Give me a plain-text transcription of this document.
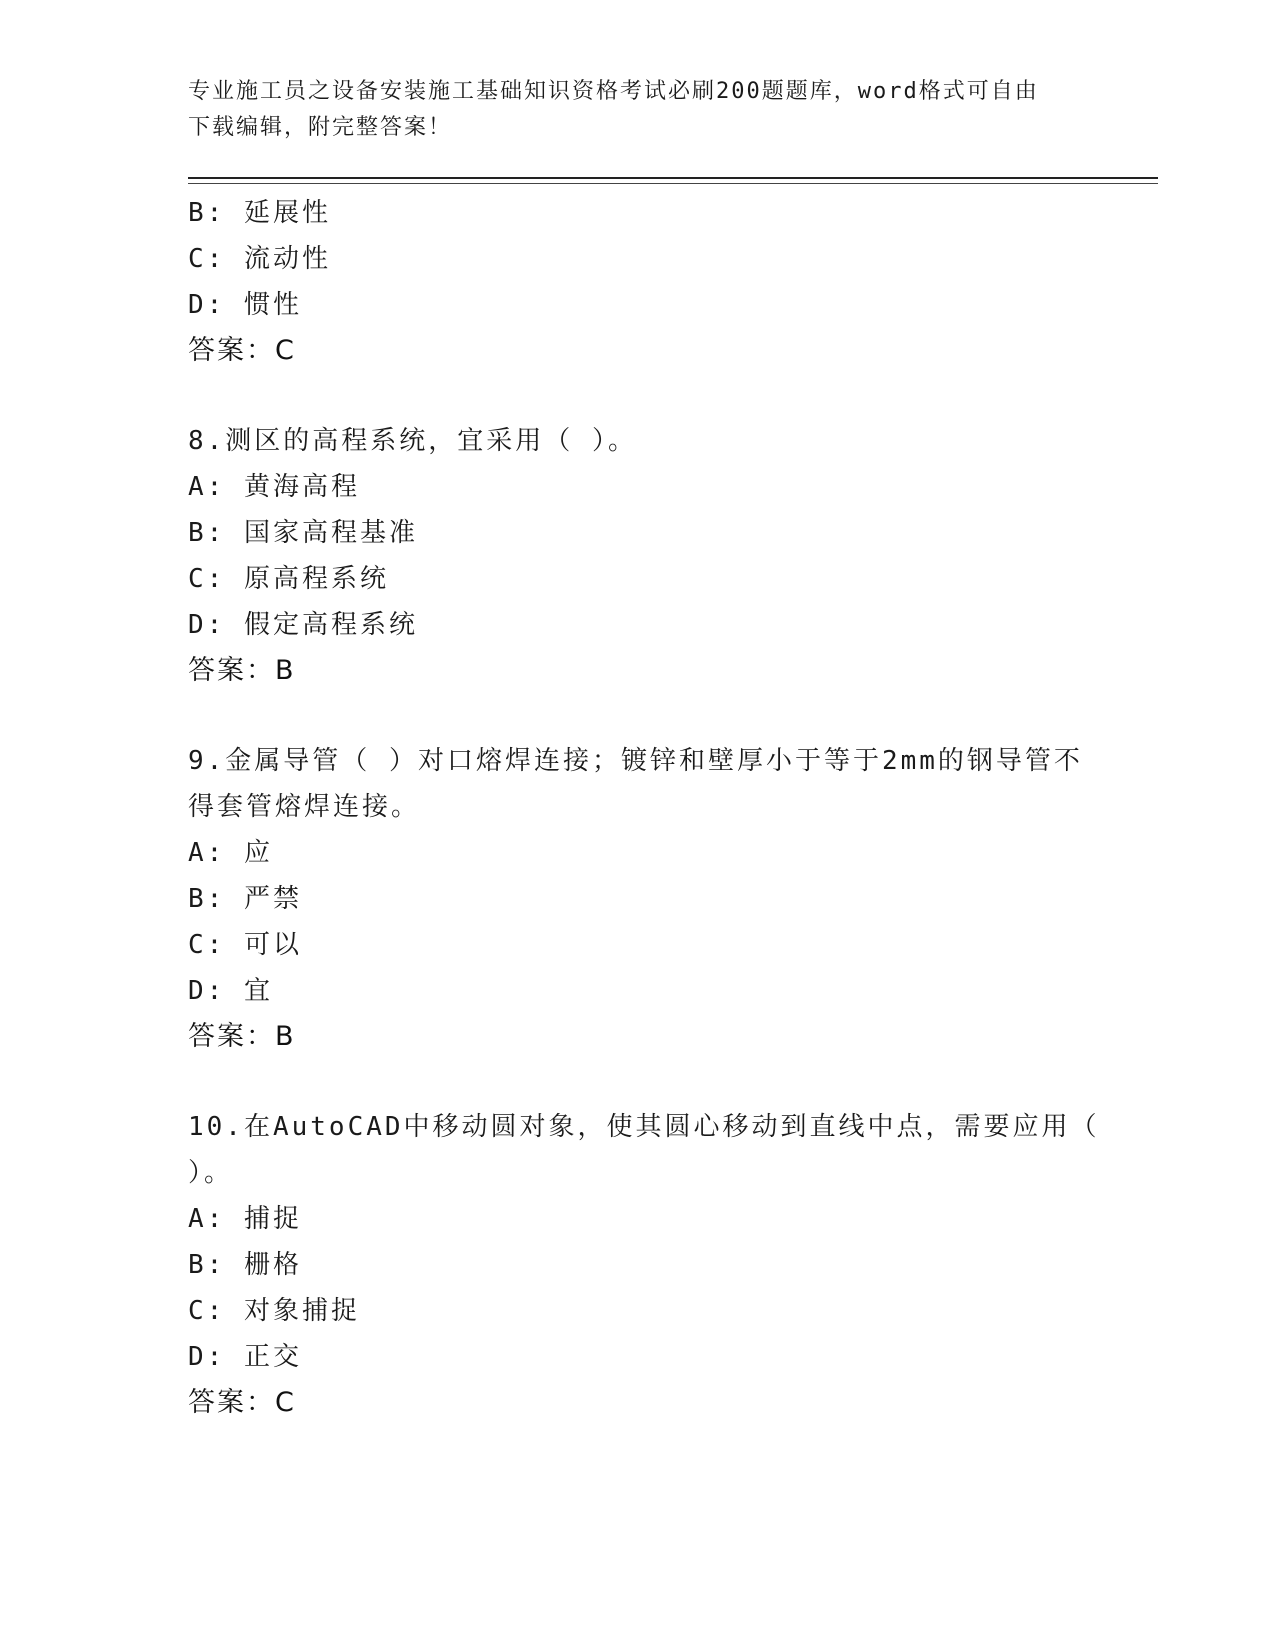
专业施工员之设备安装施工基础知识资格考试必刷200题题库，word格式可自由
下载编辑，附完整答案！
B: 延展性
C: 流动性
D: 惯性
答案：C
8.测区的高程系统，宜采用（ ）。
A: 黄海高程
B: 国家高程基准
C: 原高程系统
D: 假定高程系统
答案：B
9.金属导管（ ）对口熔焊连接；镀锌和壁厚小于等于2mm的钢导管不
得套管熔焊连接。
A: 应
B: 严禁
C: 可以
D: 宜
答案：B
10.在AutoCAD中移动圆对象，使其圆心移动到直线中点，需要应用（
）。
A: 捕捉
B: 栅格
C: 对象捕捉
D: 正交
答案：C
